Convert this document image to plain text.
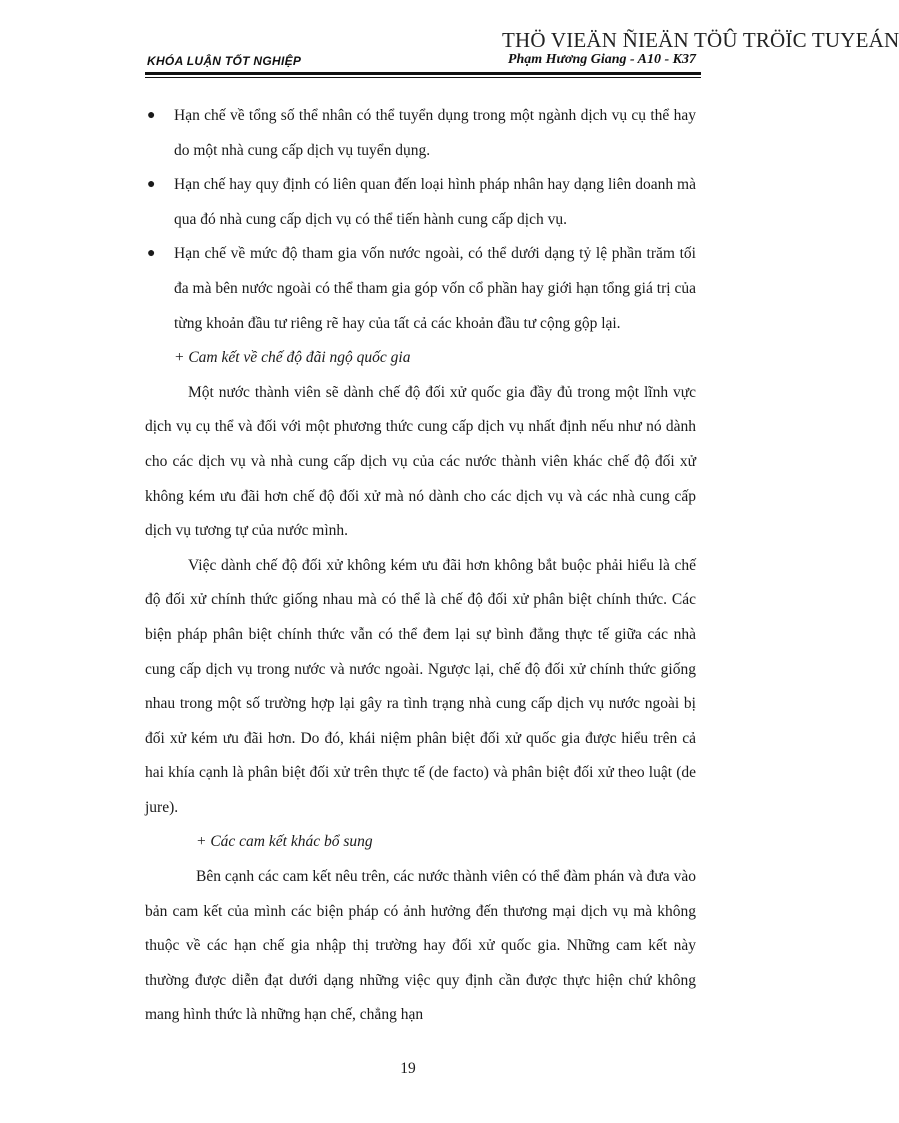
THÖ VIEÄN ÑIEÄN TÖÛ TRÖÏC TUYEÁN
KHÓA LUẬN TỐT NGHIỆP	Phạm Hương Giang - A10 - K37

● Hạn chế về tổng số thể nhân có thể tuyển dụng trong một ngành dịch vụ cụ thể hay do một nhà cung cấp dịch vụ tuyển dụng.

● Hạn chế hay quy định có liên quan đến loại hình pháp nhân hay dạng liên doanh mà qua đó nhà cung cấp dịch vụ có thể tiến hành cung cấp dịch vụ.

● Hạn chế về mức độ tham gia vốn nước ngoài, có thể dưới dạng tỷ lệ phần trăm tối đa mà bên nước ngoài có thể tham gia góp vốn cổ phần hay giới hạn tổng giá trị của từng khoản đầu tư riêng rẽ hay của tất cả các khoản đầu tư cộng gộp lại.

+ Cam kết về chế độ đãi ngộ quốc gia

Một nước thành viên sẽ dành chế độ đối xử quốc gia đầy đủ trong một lĩnh vực dịch vụ cụ thể và đối với một phương thức cung cấp dịch vụ nhất định nếu như nó dành cho các dịch vụ và nhà cung cấp dịch vụ của các nước thành viên khác chế độ đối xử không kém ưu đãi hơn chế độ đối xử mà nó dành cho các dịch vụ và các nhà cung cấp dịch vụ tương tự của nước mình.

Việc dành chế độ đối xử không kém ưu đãi hơn không bắt buộc phải hiểu là chế độ đối xử chính thức giống nhau mà có thể là chế độ đối xử phân biệt chính thức. Các biện pháp phân biệt chính thức vẫn có thể đem lại sự bình đẳng thực tế giữa các nhà cung cấp dịch vụ trong nước và nước ngoài. Ngược lại, chế độ đối xử chính thức giống nhau trong một số trường hợp lại gây ra tình trạng nhà cung cấp dịch vụ nước ngoài bị đối xử kém ưu đãi hơn. Do đó, khái niệm phân biệt đối xử quốc gia được hiểu trên cả hai khía cạnh là phân biệt đối xử trên thực tế (de facto) và phân biệt đối xử theo luật (de jure).

+ Các cam kết khác bổ sung

Bên cạnh các cam kết nêu trên, các nước thành viên có thể đàm phán và đưa vào bản cam kết của mình các biện pháp có ảnh hưởng đến thương mại dịch vụ mà không thuộc về các hạn chế gia nhập thị trường hay đối xử quốc gia. Những cam kết này thường được diễn đạt dưới dạng những việc quy định cần được thực hiện chứ không mang hình thức là những hạn chế, chẳng hạn

19
